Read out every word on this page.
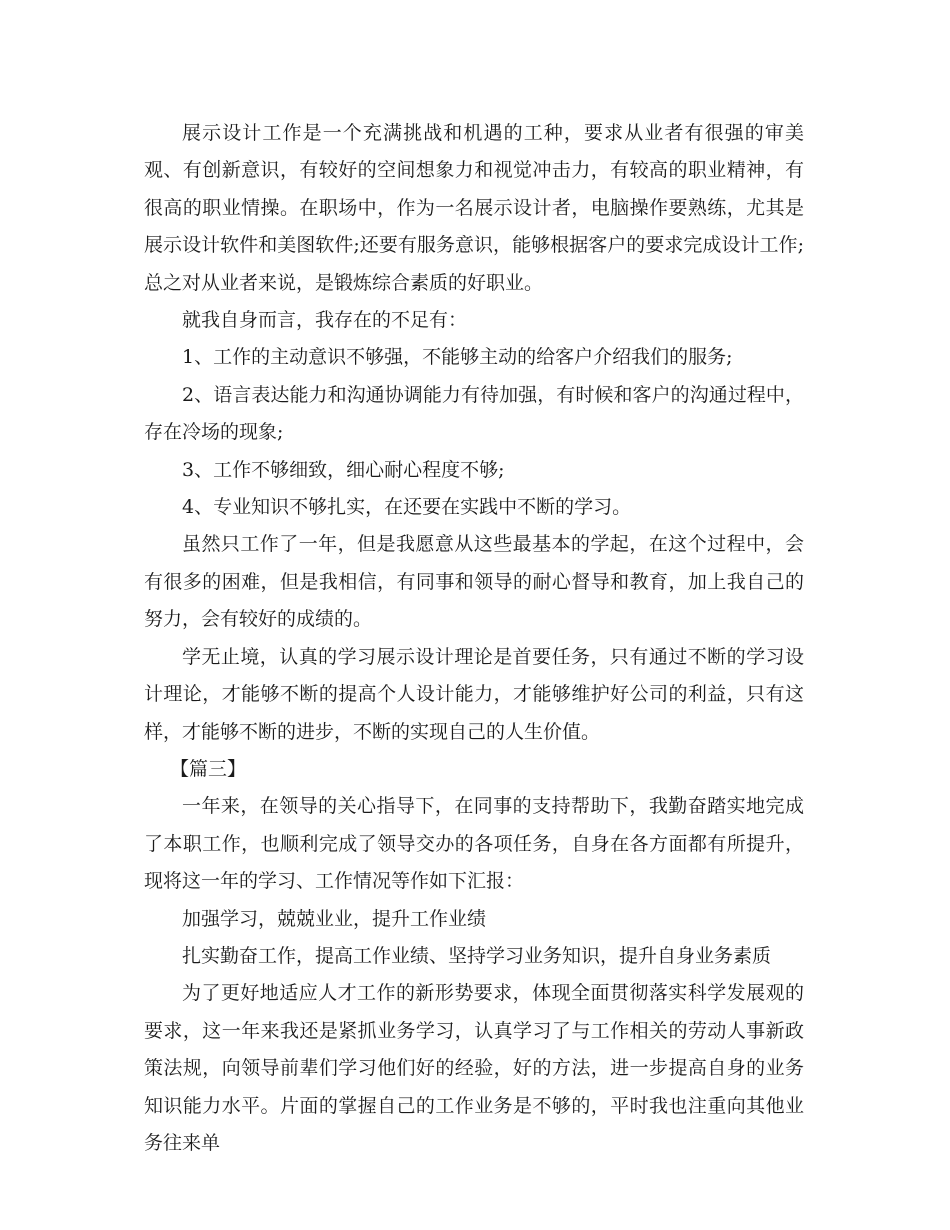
展示设计工作是一个充满挑战和机遇的工种，要求从业者有很强的审美观、有创新意识，有较好的空间想象力和视觉冲击力，有较高的职业精神，有很高的职业情操。在职场中，作为一名展示设计者，电脑操作要熟练，尤其是展示设计软件和美图软件;还要有服务意识，能够根据客户的要求完成设计工作;总之对从业者来说，是锻炼综合素质的好职业。

就我自身而言，我存在的不足有：

1、工作的主动意识不够强，不能够主动的给客户介绍我们的服务;

2、语言表达能力和沟通协调能力有待加强，有时候和客户的沟通过程中，存在冷场的现象;

3、工作不够细致，细心耐心程度不够;

4、专业知识不够扎实，在还要在实践中不断的学习。

虽然只工作了一年，但是我愿意从这些最基本的学起，在这个过程中，会有很多的困难，但是我相信，有同事和领导的耐心督导和教育，加上我自己的努力，会有较好的成绩的。

学无止境，认真的学习展示设计理论是首要任务，只有通过不断的学习设计理论，才能够不断的提高个人设计能力，才能够维护好公司的利益，只有这样，才能够不断的进步，不断的实现自己的人生价值。

【篇三】

一年来，在领导的关心指导下，在同事的支持帮助下，我勤奋踏实地完成了本职工作，也顺利完成了领导交办的各项任务，自身在各方面都有所提升，现将这一年的学习、工作情况等作如下汇报：

加强学习，兢兢业业，提升工作业绩

扎实勤奋工作，提高工作业绩、坚持学习业务知识，提升自身业务素质

为了更好地适应人才工作的新形势要求，体现全面贯彻落实科学发展观的要求，这一年来我还是紧抓业务学习，认真学习了与工作相关的劳动人事新政策法规，向领导前辈们学习他们好的经验，好的方法，进一步提高自身的业务知识能力水平。片面的掌握自己的工作业务是不够的，平时我也注重向其他业务往来单
